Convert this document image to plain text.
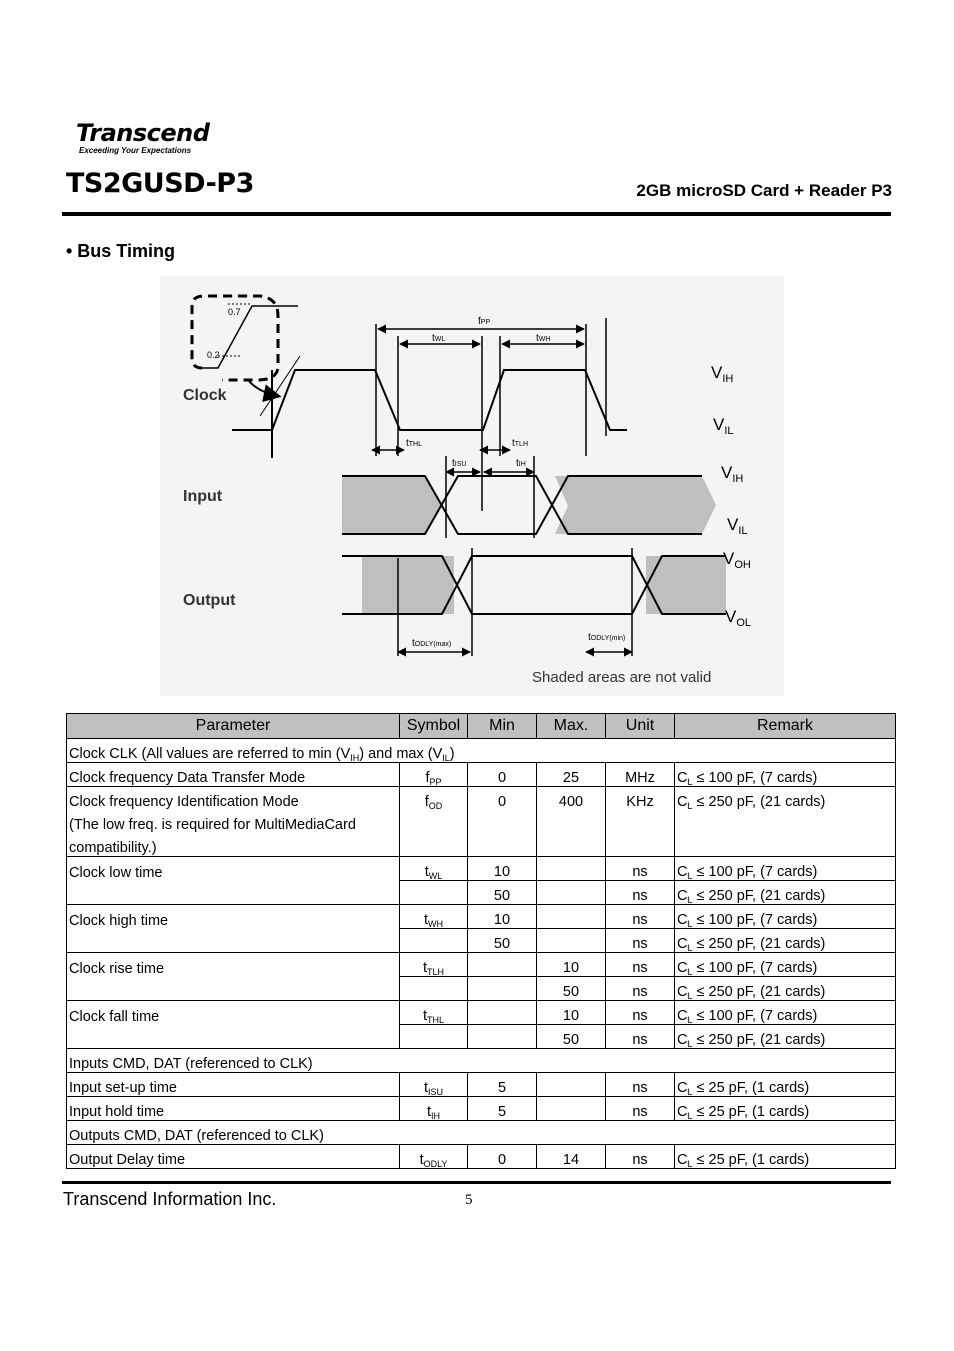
Transcend
Exceeding Your Expectations
TS2GUSD-P3	2GB microSD Card + Reader P3
• Bus Timing
0.7
0.2
Clock
Input
Output
fPP
tWL	tWH
tTHL	tTLH
tISU	tIH
tODLY(max)
tODLY(min)
$V_{IH}$
$V_{IL}$
$V_{IH}$
$V_{IL}$
$V_{OH}$
$V_{OL}$
Shaded areas are not valid
Parameter	Symbol	Min	Max.	Unit	Remark
Clock CLK (All values are referred to $\min (V_{IH})$ and $\max (V_{IL})$					
Clock frequency Data Transfer Mode	$f_{PP}$	0	25	MHz	$C_L \le 100$ pF, (7 cards)
Clock frequency Identification Mode	$f_{OD}$	0	400	KHz	$C_L \le 250$ pF, (21 cards)
(The low freq. is required for MultiMediaCard					
compatibility.)					
Clock low time	$t_{WL}$	10		ns	$C_L \le 100$ pF, (7 cards)
		50		ns	$C_L \le 250$ pF, (21 cards)
Clock high time	$t_{WH}$	10		ns	$C_L \le 100$ pF, (7 cards)
		50		ns	$C_L \le 250$ pF, (21 cards)
Clock rise time	$t_{TLH}$		10	ns	$C_L \le 100$ pF, (7 cards)
			50	ns	$C_L \le 250$ pF, (21 cards)
Clock fall time	$t_{THL}$		10	ns	$C_L \le 100$ pF, (7 cards)
			50	ns	$C_L \le 250$ pF, (21 cards)
Inputs CMD, DAT (referenced to CLK)					
Input set-up time	$t_{ISU}$	5		ns	$C_L \le 25$ pF, (1 cards)
Input hold time	$t_{IH}$	5		ns	$C_L \le 25$ pF, (1 cards)
Outputs CMD, DAT (referenced to CLK)					
Output Delay time	$t_{ODLY}$	0	14	ns	$C_L \le 25$ pF, (1 cards)
Transcend Information Inc.	5
